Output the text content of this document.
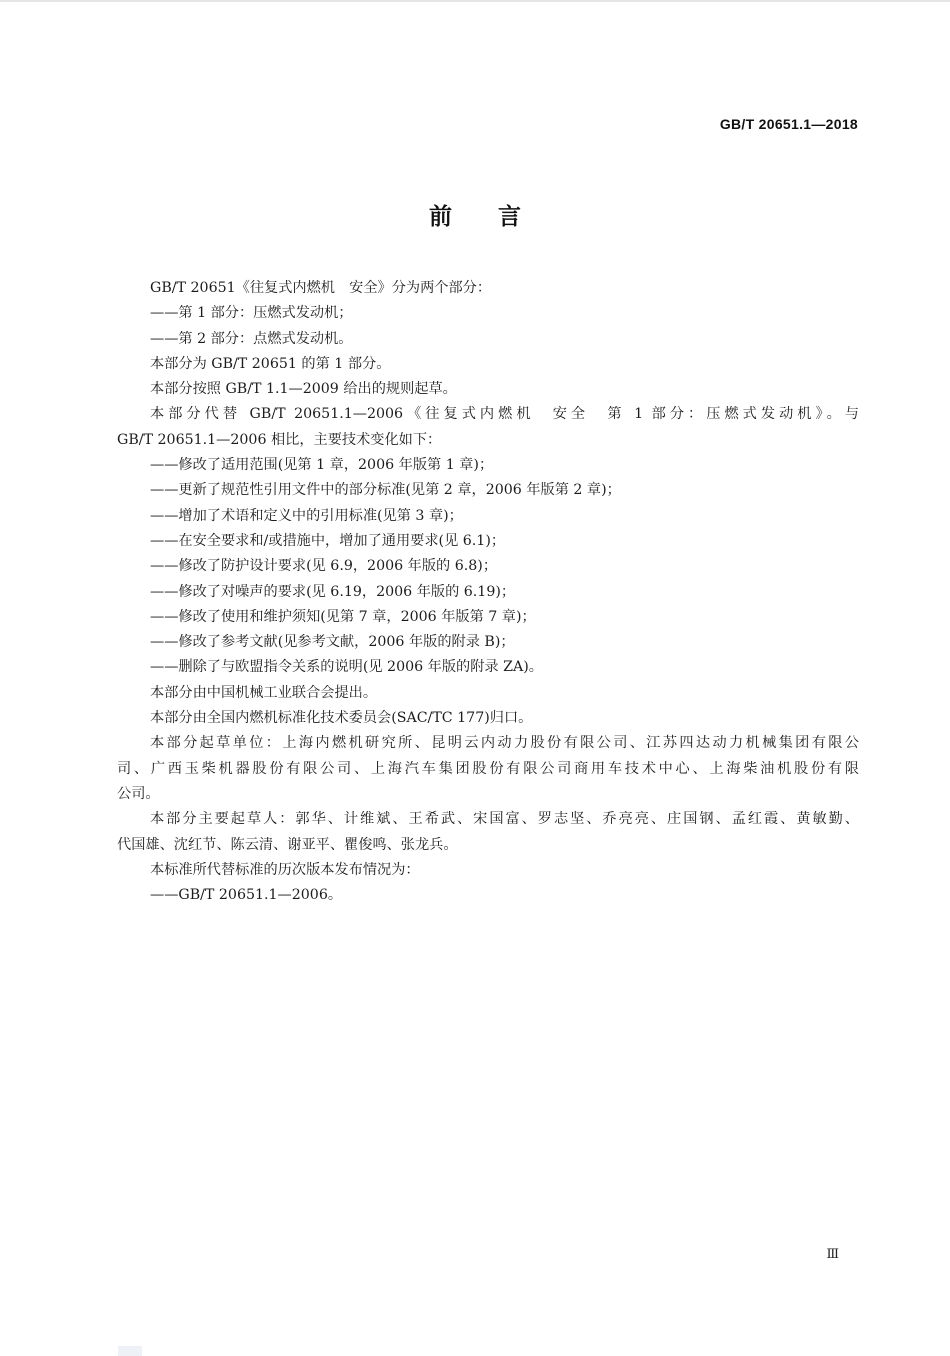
GB/T 20651.1—2018
前 言
GB/T 20651《往复式内燃机　安全》分为两个部分：
——第 1 部分：压燃式发动机；
——第 2 部分：点燃式发动机。
本部分为 GB/T 20651 的第 1 部分。
本部分按照 GB/T 1.1—2009 给出的规则起草。
本部分代替 GB/T 20651.1—2006《往复式内燃机　安全　第 1 部分：压燃式发动机》。与
GB/T 20651.1—2006 相比，主要技术变化如下：
——修改了适用范围(见第 1 章，2006 年版第 1 章)；
——更新了规范性引用文件中的部分标准(见第 2 章，2006 年版第 2 章)；
——增加了术语和定义中的引用标准(见第 3 章)；
——在安全要求和/或措施中，增加了通用要求(见 6.1)；
——修改了防护设计要求(见 6.9，2006 年版的 6.8)；
——修改了对噪声的要求(见 6.19，2006 年版的 6.19)；
——修改了使用和维护须知(见第 7 章，2006 年版第 7 章)；
——修改了参考文献(见参考文献，2006 年版的附录 B)；
——删除了与欧盟指令关系的说明(见 2006 年版的附录 ZA)。
本部分由中国机械工业联合会提出。
本部分由全国内燃机标准化技术委员会(SAC/TC 177)归口。
本部分起草单位：上海内燃机研究所、昆明云内动力股份有限公司、江苏四达动力机械集团有限公
司、广西玉柴机器股份有限公司、上海汽车集团股份有限公司商用车技术中心、上海柴油机股份有限
公司。
本部分主要起草人：郭华、计维斌、王希武、宋国富、罗志坚、乔亮亮、庄国钢、孟红霞、黄敏勤、
代国雄、沈红节、陈云清、谢亚平、瞿俊鸣、张龙兵。
本标准所代替标准的历次版本发布情况为：
——GB/T 20651.1—2006。
Ⅲ
